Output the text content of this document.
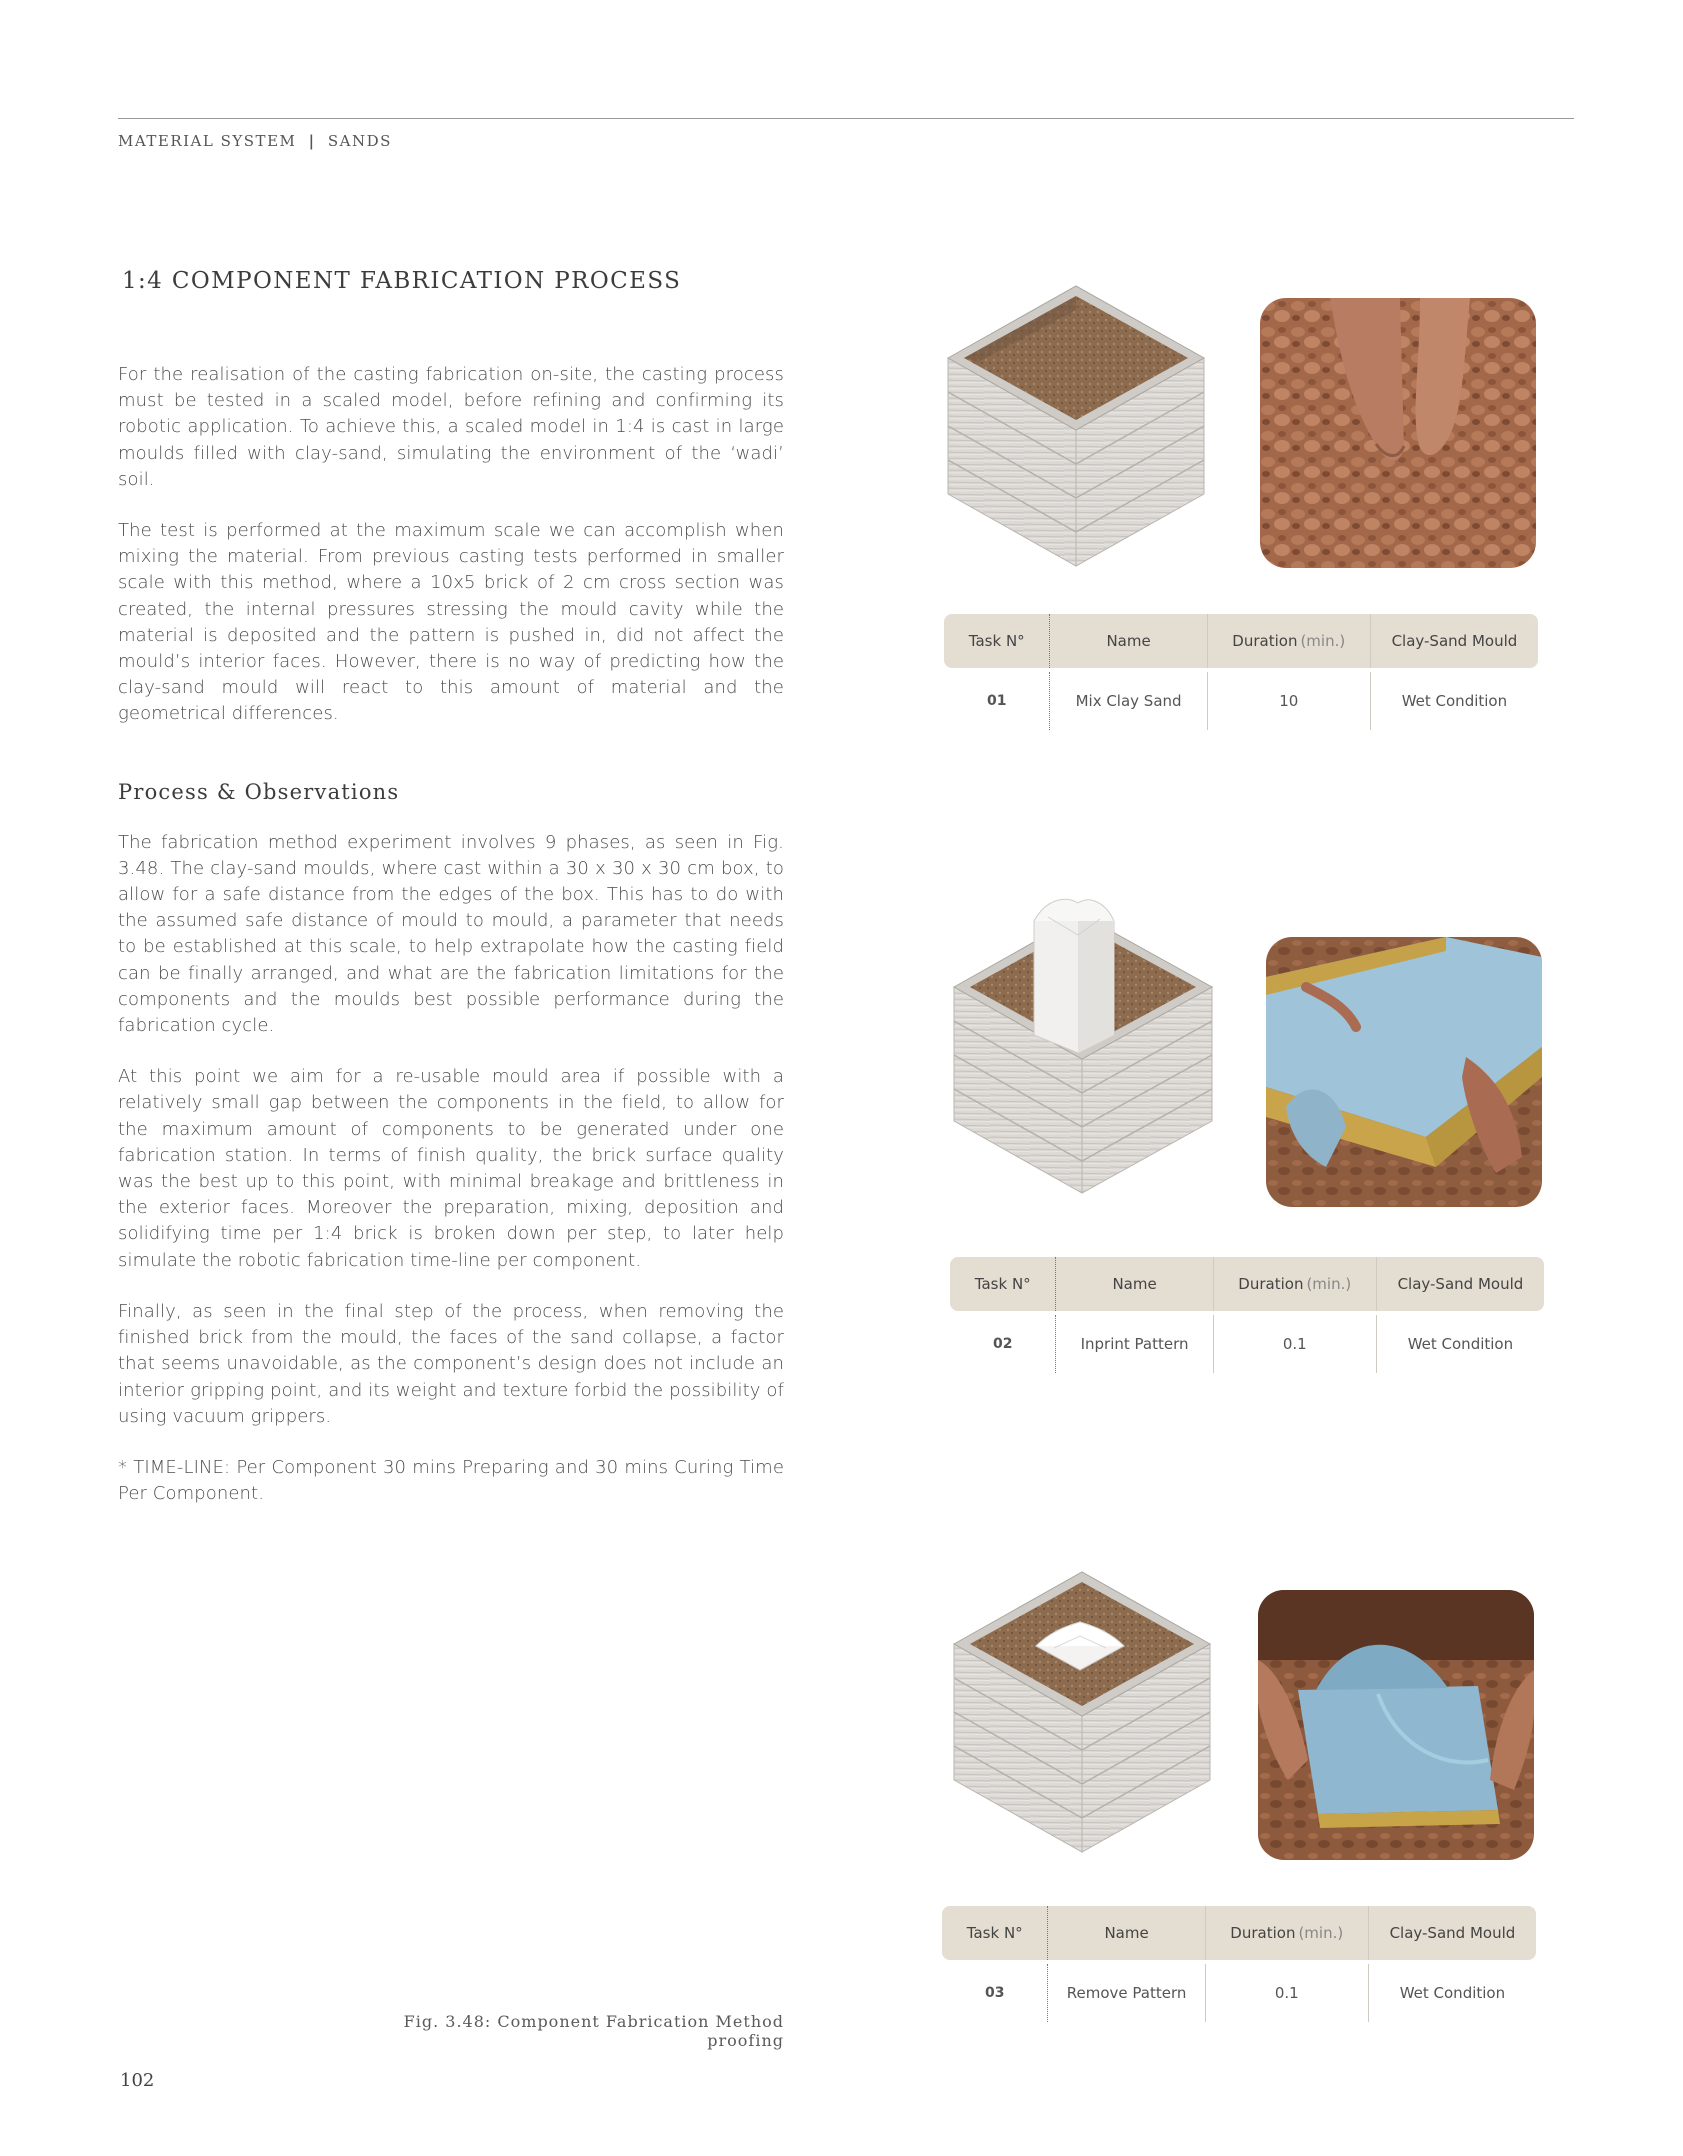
MATERIAL SYSTEM | SANDS
1:4 COMPONENT FABRICATION PROCESS

For the realisation of the casting fabrication on-site, the casting process must be tested in a scaled model, before refining and confirming its robotic application. To achieve this, a scaled model in 1:4 is cast in large moulds filled with clay-sand, simulating the environment of the ‘wadi’ soil.

The test is performed at the maximum scale we can accomplish when mixing the material. From previous casting tests performed in smaller scale with this method, where a 10x5 brick of 2 cm cross section was created, the internal pressures stressing the mould cavity while the material is deposited and the pattern is pushed in, did not affect the mould’s interior faces. However, there is no way of predicting how the clay-sand mould will react to this amount of material and the geometrical differences.

Process & Observations

The fabrication method experiment involves 9 phases, as seen in Fig. 3.48. The clay-sand moulds, where cast within a 30 x 30 x 30 cm box, to allow for a safe distance from the edges of the box. This has to do with the assumed safe distance of mould to mould, a parameter that needs to be established at this scale, to help extrapolate how the casting field can be finally arranged, and what are the fabrication limitations for the components and the moulds best possible performance during the fabrication cycle.

At this point we aim for a re-usable mould area if possible with a relatively small gap between the components in the field, to allow for the maximum amount of components to be generated under one fabrication station. In terms of finish quality, the brick surface quality was the best up to this point, with minimal breakage and brittleness in the exterior faces. Moreover the preparation, mixing, deposition and solidifying time per 1:4 brick is broken down per step, to later help simulate the robotic fabrication time-line per component.

Finally, as seen in the final step of the process, when removing the finished brick from the mould, the faces of the sand collapse, a factor that seems unavoidable, as the component’s design does not include an interior gripping point, and its weight and texture forbid the possibility of using vacuum grippers.

* TIME-LINE: Per Component 30 mins Preparing and 30 mins Curing Time Per Component.

Fig. 3.48: Component Fabrication Method proofing
102
Task N°	Name	Duration (min.)	Clay-Sand Mould
01	Mix Clay Sand	10	Wet Condition
Task N°	Name	Duration (min.)	Clay-Sand Mould
02	Inprint Pattern	0.1	Wet Condition
Task N°	Name	Duration (min.)	Clay-Sand Mould
03	Remove Pattern	0.1	Wet Condition
